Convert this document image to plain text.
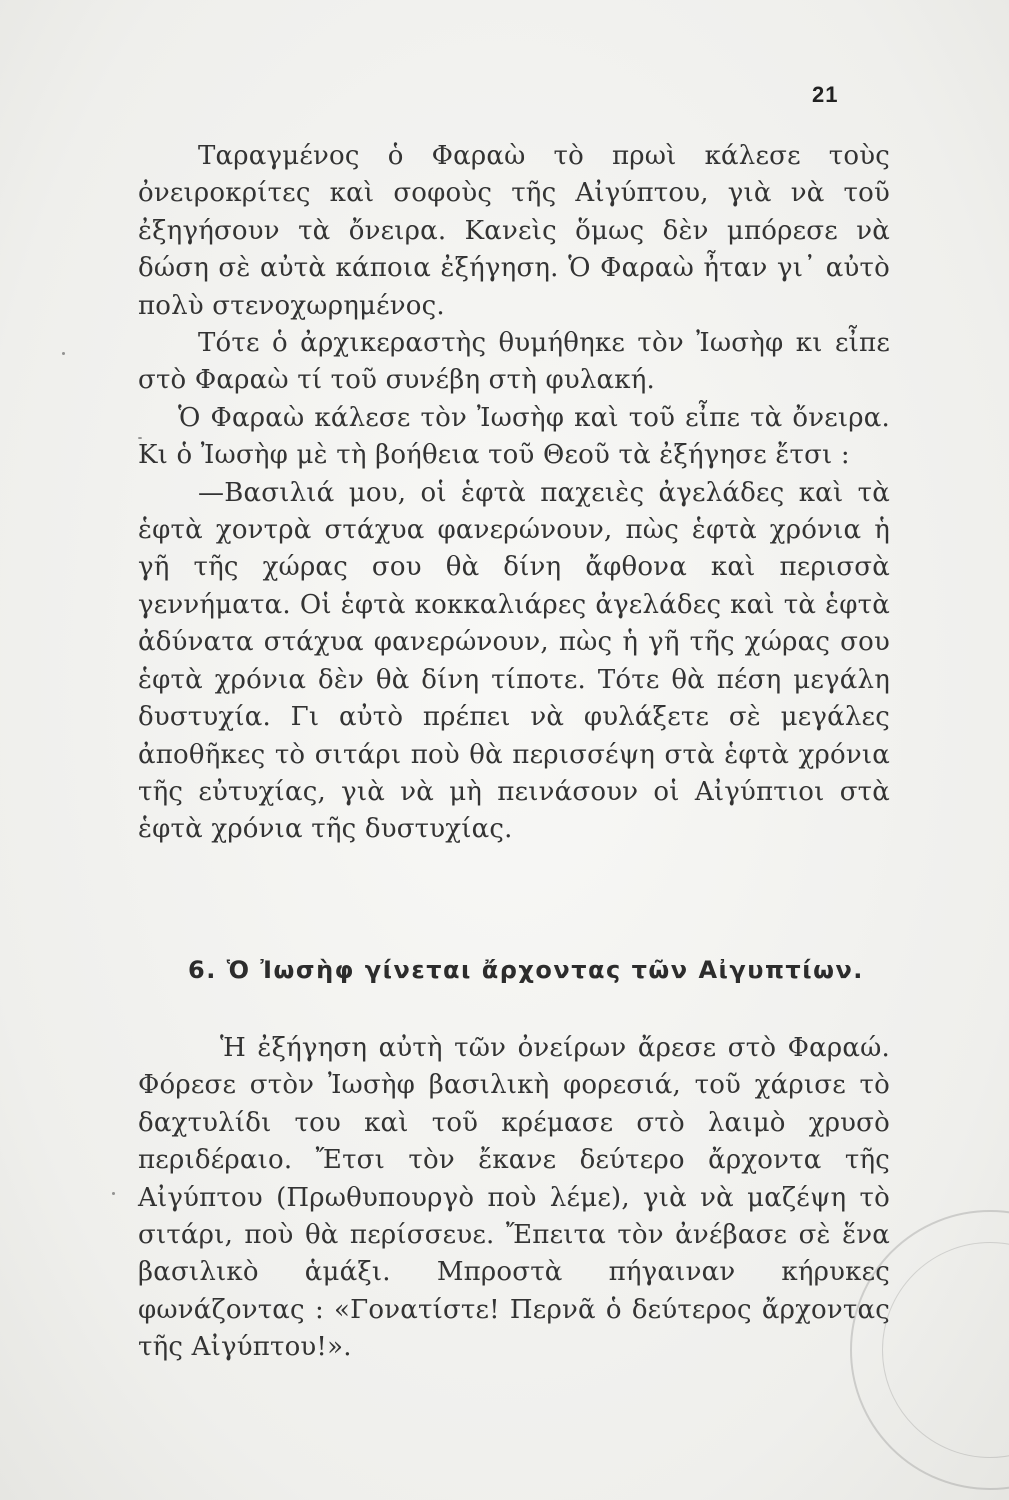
21

Ταραγμένος ὁ Φαραὼ τὸ πρωὶ κάλεσε τοὺς ὀνειροκρίτες καὶ σοφοὺς τῆς Αἰγύπτου, γιὰ νὰ τοῦ ἐξηγήσουν τὰ ὄνειρα. Κανεὶς ὅμως δὲν μπόρεσε νὰ δώση σὲ αὐτὰ κάποια ἐξήγηση. Ὁ Φαραὼ ἦταν γι᾿ αὐτὸ πολὺ στενοχωρημένος.

Τότε ὁ ἀρχικεραστὴς θυμήθηκε τὸν Ἰωσὴφ κι εἶπε στὸ Φαραὼ τί τοῦ συνέβη στὴ φυλακή.

Ὁ Φαραὼ κάλεσε τὸν Ἰωσὴφ καὶ τοῦ εἶπε τὰ ὄνειρα. Κι ὁ Ἰωσὴφ μὲ τὴ βοήθεια τοῦ Θεοῦ τὰ ἐξήγησε ἔτσι :

—Βασιλιά μου, οἱ ἑφτὰ παχειὲς ἀγελάδες καὶ τὰ ἑφτὰ χοντρὰ στάχυα φανερώνουν, πὼς ἑφτὰ χρόνια ἡ γῆ τῆς χώρας σου θὰ δίνη ἄφθονα καὶ περισσὰ γεννήματα. Οἱ ἑφτὰ κοκκαλιάρες ἀγελάδες καὶ τὰ ἑφτὰ ἀδύνατα στάχυα φανερώνουν, πὼς ἡ γῆ τῆς χώρας σου ἑφτὰ χρόνια δὲν θὰ δίνη τίποτε. Τότε θὰ πέση μεγάλη δυστυχία. Γι αὐτὸ πρέπει νὰ φυλάξετε σὲ μεγάλες ἀποθῆκες τὸ σιτάρι ποὺ θὰ περισσέψη στὰ ἑφτὰ χρόνια τῆς εὐτυχίας, γιὰ νὰ μὴ πεινάσουν οἱ Αἰγύπτιοι στὰ ἑφτὰ χρόνια τῆς δυστυχίας.

6. Ὁ Ἰωσὴφ γίνεται ἄρχοντας τῶν Αἰγυπτίων.

Ἡ ἐξήγηση αὐτὴ τῶν ὀνείρων ἄρεσε στὸ Φαραώ. Φόρεσε στὸν Ἰωσὴφ βασιλικὴ φορεσιά, τοῦ χάρισε τὸ δαχτυλίδι του καὶ τοῦ κρέμασε στὸ λαιμὸ χρυσὸ περιδέραιο. Ἔτσι τὸν ἔκανε δεύτερο ἄρχοντα τῆς Αἰγύπτου (Πρωθυπουργὸ ποὺ λέμε), γιὰ νὰ μαζέψη τὸ σιτάρι, ποὺ θὰ περίσσευε. Ἔπειτα τὸν ἀνέβασε σὲ ἕνα βασιλικὸ ἁμάξι. Μπροστὰ πήγαιναν κήρυκες φωνάζοντας : «Γονατίστε! Περνᾶ ὁ δεύτερος ἄρχοντας τῆς Αἰγύπτου!».
